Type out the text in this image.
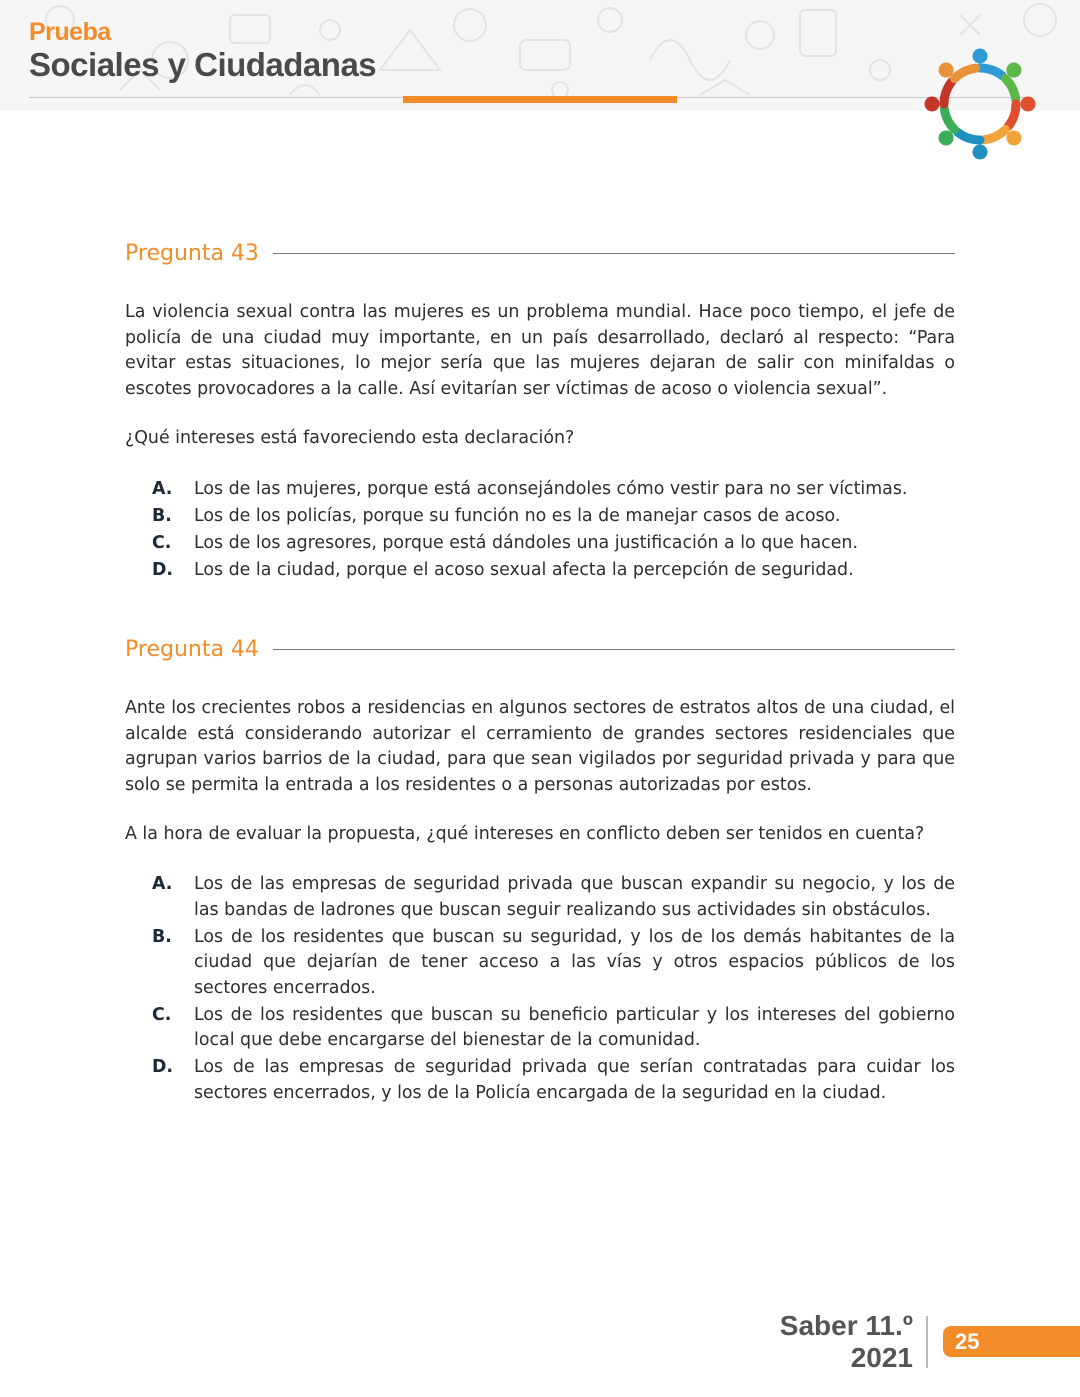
Prueba
Sociales y Ciudadanas
Pregunta 43

La violencia sexual contra las mujeres es un problema mundial. Hace poco tiempo, el jefe de policía de una ciudad muy importante, en un país desarrollado, declaró al respecto: “Para evitar estas situaciones, lo mejor sería que las mujeres dejaran de salir con minifaldas o escotes provocadores a la calle. Así evitarían ser víctimas de acoso o violencia sexual”.

¿Qué intereses está favoreciendo esta declaración?

A.	Los de las mujeres, porque está aconsejándoles cómo vestir para no ser víctimas.
B.	Los de los policías, porque su función no es la de manejar casos de acoso.
C.	Los de los agresores, porque está dándoles una justificación a lo que hacen.
D.	Los de la ciudad, porque el acoso sexual afecta la percepción de seguridad.
Pregunta 44

Ante los crecientes robos a residencias en algunos sectores de estratos altos de una ciudad, el alcalde está considerando autorizar el cerramiento de grandes sectores residenciales que agrupan varios barrios de la ciudad, para que sean vigilados por seguridad privada y para que solo se permita la entrada a los residentes o a personas autorizadas por estos.

A la hora de evaluar la propuesta, ¿qué intereses en conflicto deben ser tenidos en cuenta?

A.	Los de las empresas de seguridad privada que buscan expandir su negocio, y los de las bandas de ladrones que buscan seguir realizando sus actividades sin obstáculos.
B.	Los de los residentes que buscan su seguridad, y los de los demás habitantes de la ciudad que dejarían de tener acceso a las vías y otros espacios públicos de los sectores encerrados.
C.	Los de los residentes que buscan su beneficio particular y los intereses del gobierno local que debe encargarse del bienestar de la comunidad.
D.	Los de las empresas de seguridad privada que serían contratadas para cuidar los sectores encerrados, y los de la Policía encargada de la seguridad en la ciudad.
Saber 11.º
2021
25
